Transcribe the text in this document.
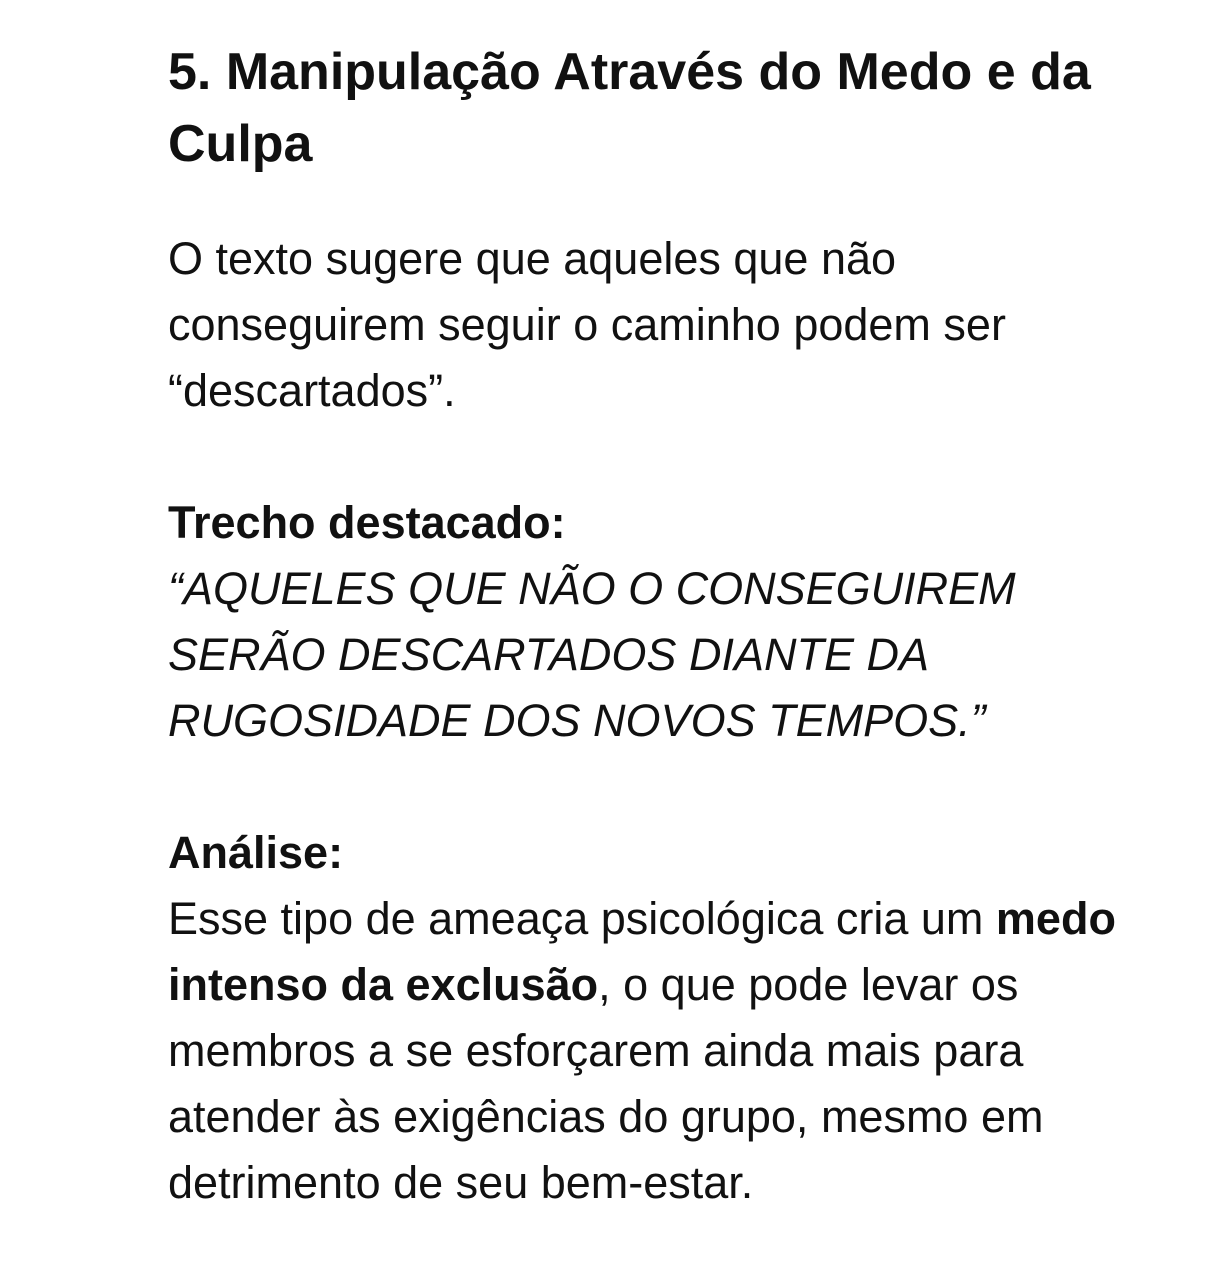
5. Manipulação Através do Medo e da Culpa

O texto sugere que aqueles que não conseguirem seguir o caminho podem ser “descartados”.

Trecho destacado:
“AQUELES QUE NÃO O CONSEGUIREM SERÃO DESCARTADOS DIANTE DA RUGOSIDADE DOS NOVOS TEMPOS.”
Análise:
Esse tipo de ameaça psicológica cria um medo intenso da exclusão, o que pode levar os membros a se esforçarem ainda mais para atender às exigências do grupo, mesmo em detrimento de seu bem-estar.
